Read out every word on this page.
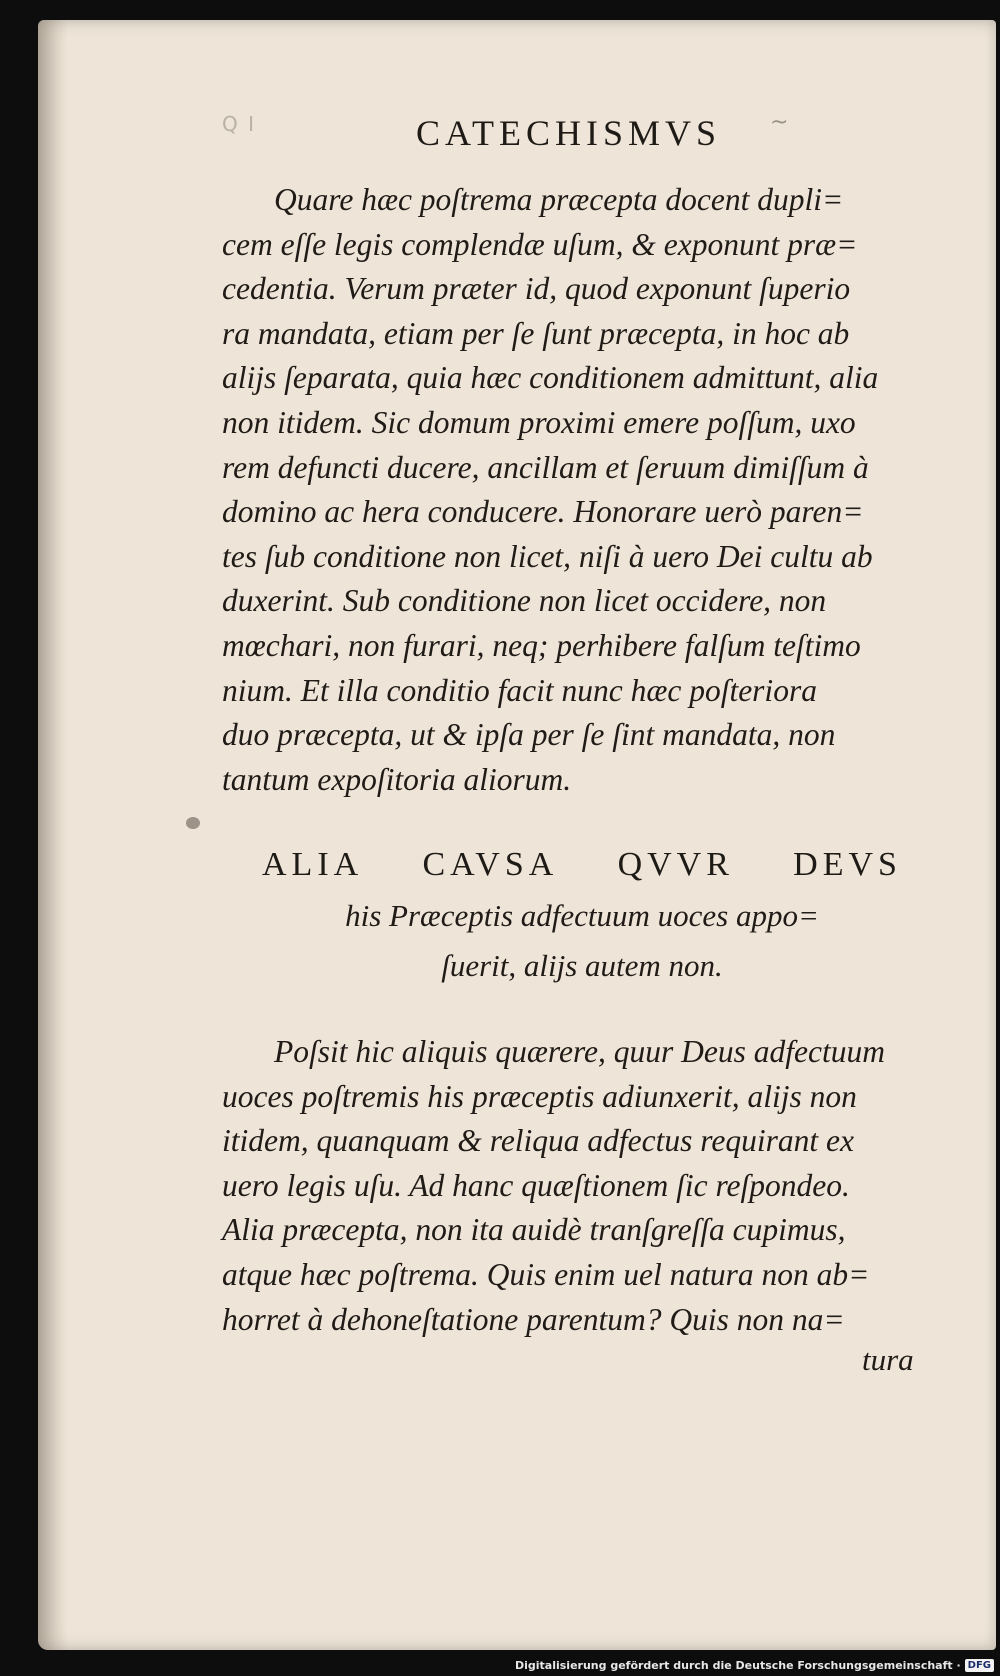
Q I	CATECHISMVS ~
Quare hæc poſtrema præcepta docent dupli=
cem eſſe legis complendæ uſum, & exponunt præ=
cedentia. Verum præter id, quod exponunt ſuperio
ra mandata, etiam per ſe ſunt præcepta, in hoc ab
alijs ſeparata, quia hæc conditionem admittunt, alia
non itidem. Sic domum proximi emere poſſum, uxo
rem defuncti ducere, ancillam et ſeruum dimiſſum à
domino ac hera conducere. Honorare uerò paren=
tes ſub conditione non licet, niſi à uero Dei cultu ab
duxerint. Sub conditione non licet occidere, non
mœchari, non furari, neq; perhibere falſum teſtimo
nium. Et illa conditio facit nunc hæc poſteriora
duo præcepta, ut & ipſa per ſe ſint mandata, non
tantum expoſitoria aliorum.
ALIA CAVSA QVVR DEVS
his Præceptis adfectuum uoces appo=
ſuerit, alijs autem non.
Poſsit hic aliquis quærere, quur Deus adfectuum
uoces poſtremis his præceptis adiunxerit, alijs non
itidem, quanquam & reliqua adfectus requirant ex
uero legis uſu. Ad hanc quæſtionem ſic reſpondeo.
Alia præcepta, non ita auidè tranſgreſſa cupimus,
atque hæc poſtrema. Quis enim uel natura non ab=
horret à dehoneſtatione parentum? Quis non na=
tura
Digitalisierung gefördert durch die Deutsche Forschungsgemeinschaft · DFG
